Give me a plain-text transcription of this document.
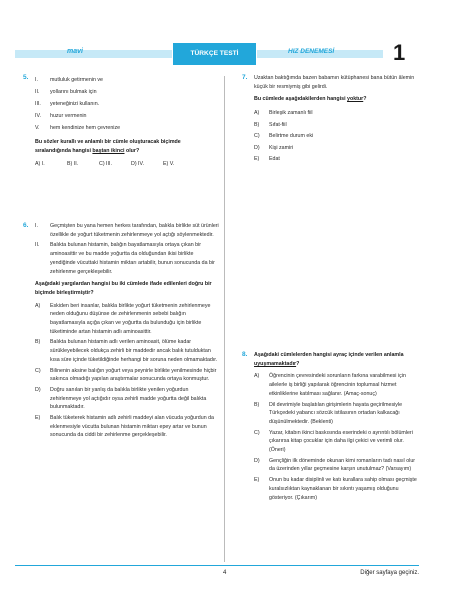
mavi	TÜRKÇE TESTİ	HIZ DENEMESİ	1
5. I.	mutluluk getirmenin ve
II.	yollarını bulmak için
III.	yeteneğinizi kullanın.
IV.	huzur vermenin
V.	hem kendinize hem çevrenize
Bu sözler kurallı ve anlamlı bir cümle oluşturacak biçimde sıralandığında hangisi baştan ikinci olur?
A) I.	B) II.	C) III.	D) IV.	E) V.
6. I.	Geçmişten bu yana hemen herkes tarafından, balıkla birlikte süt ürünleri özellikle de yoğurt tüketmenin zehirlenmeye yol açtığı söylenmektedir.
II.	Balıkta bulunan histamin, balığın bayatlamasıyla ortaya çıkan bir aminoasittir ve bu madde yoğurtta da olduğundan ikisi birlikte yendiğinde vücuttaki histamin miktarı artabilir, bunun sonucunda da bir zehirlenme gerçekleşebilir.
Aşağıdaki yargılardan hangisi bu iki cümlede ifade edilenleri doğru bir biçimde birleştirmiştir?
A)	Eskiden beri insanlar, balıkla birlikte yoğurt tüketmenin zehirlenmeye neden olduğunu düşünse de zehirlenmenin sebebi balığın bayatlamasıyla açığa çıkan ve yoğurtta da bulunduğu için birlikte tüketiminde artan histamin adlı aminoasittir.
B)	Balıkta bulunan histamin adlı verilen aminoasit, ölüme kadar sürükleyebilecek oldukça zehirli bir maddedir ancak balık tutulduktan kısa süre içinde tüketildiğinde herhangi bir soruna neden olmamaktadır.
C)	Bilinenin aksine balığın yoğurt veya peynirle birlikte yenilmesinde hiçbir sakınca olmadığı yapılan araştırmalar sonucunda ortaya konmuştur.
D)	Doğru sanılan bir yanlış da balıkla birlikte yenilen yoğurdun zehirlenmeye yol açtığıdır oysa zehirli madde yoğurtta değil balıkta bulunmaktadır.
E)	Balık tüketerek histamin adlı zehirli maddeyi alan vücuda yoğurdun da eklenmesiyle vücutta bulunan histamin miktarı epey artar ve bunun sonucunda da ciddi bir zehirlenme gerçekleşebilir.
7. Uzaktan baktığımda bazen babamın kütüphanesi bana bütün âlemin küçük bir resmiymiş gibi gelirdi.
Bu cümlede aşağıdakilerden hangisi yoktur?
A)	Birleşik zamanlı fiil
B)	Sıfat-fiil
C)	Belirtme durum eki
D)	Kişi zamiri
E)	Edat
8. Aşağıdaki cümlelerden hangisi ayraç içinde verilen anlamla uyuşmamaktadır?
A)	Öğrencinin çevresindeki sorunların farkına varabilmesi için ailelerle iş birliği yapılarak öğrencinin toplumsal hizmet etkinliklerine katılması sağlanır. (Amaç-sonuç)
B)	Dil devrimiyle başlatılan girişimlerin hayata geçirilmesiyle Türkçedeki yabancı sözcük istilasının ortadan kalkacağı düşünülmektedir. (Beklenti)
C)	Yazar, kitabın ikinci baskısında eserindeki o ayrıntılı bölümleri çıkarırsa kitap çocuklar için daha ilgi çekici ve verimli olur. (Öneri)
D)	Gençliğin ilk döneminde okunan kimi romanların tadı nasıl olur da üzerinden yıllar geçmesine karşın unutulmaz? (Varsayım)
E)	Onun bu kadar disiplinli ve katı kurallara sahip olması geçmişte kuralsızlıktan kaynaklanan bir sıkıntı yaşamış olduğunu gösteriyor. (Çıkarım)
4	Diğer sayfaya geçiniz.
